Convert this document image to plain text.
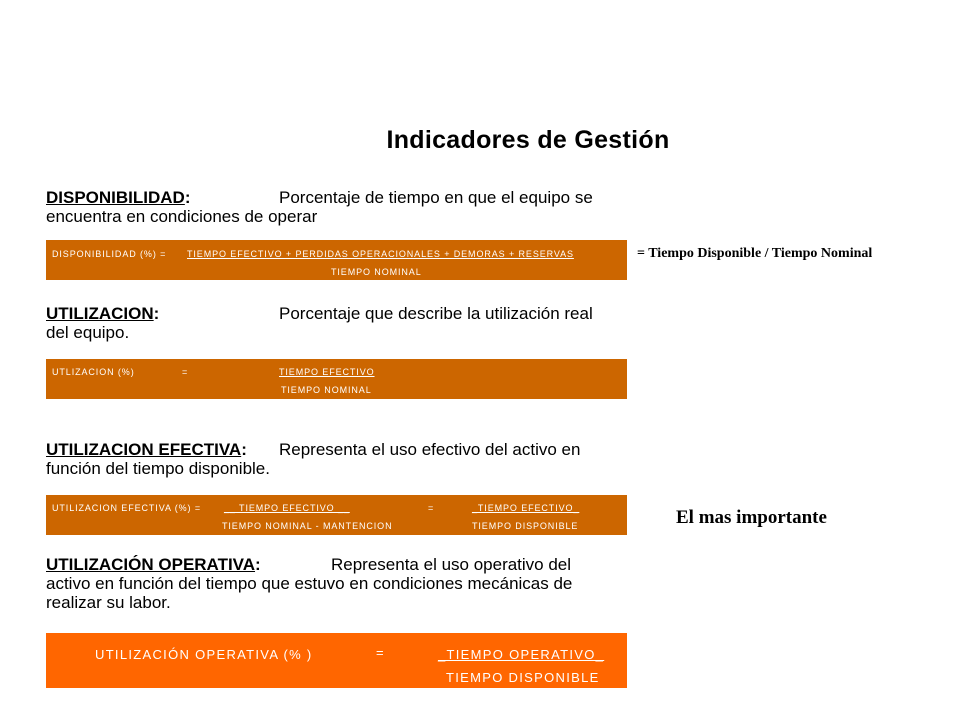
Indicadores de Gestión
DISPONIBILIDAD:	Porcentaje de tiempo en que el equipo se
encuentra en condiciones de operar
DISPONIBILIDAD (%) = TIEMPO EFECTIVO + PERDIDAS OPERACIONALES + DEMORAS + RESERVAS
TIEMPO NOMINAL
= Tiempo Disponible / Tiempo Nominal
UTILIZACION:	Porcentaje que describe la utilización real
del equipo.
UTLIZACION (%)	=	TIEMPO EFECTIVO
TIEMPO NOMINAL
UTILIZACION EFECTIVA: Representa el uso efectivo del activo en
función del tiempo disponible.
UTILIZACION EFECTIVA (%) =	__ TIEMPO EFECTIVO __	=	_TIEMPO EFECTIVO_
TIEMPO NOMINAL - MANTENCION	TIEMPO DISPONIBLE	El mas importante
UTILIZACIÓN OPERATIVA:	Representa el uso operativo del
activo en función del tiempo que estuvo en condiciones mecánicas de
realizar su labor.
UTILIZACIÓN OPERATIVA (% )	=	_TIEMPO OPERATIVO_
TIEMPO DISPONIBLE
